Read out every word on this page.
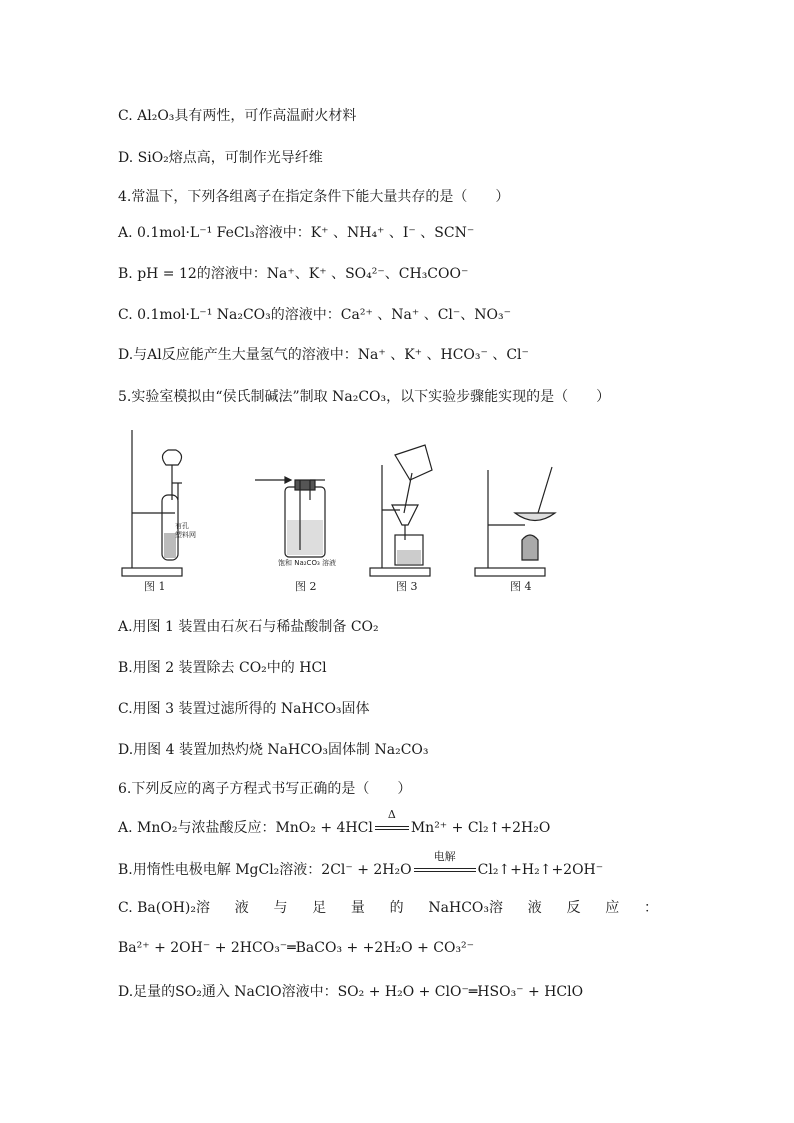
C. Al₂O₃具有两性，可作高温耐火材料
D. SiO₂熔点高，可制作光导纤维
4.常温下，下列各组离子在指定条件下能大量共存的是（　　）
A. 0.1mol·L⁻¹ FeCl₃溶液中：K⁺ 、NH₄⁺ 、I⁻ 、SCN⁻
B. pH = 12的溶液中：Na⁺、K⁺ 、SO₄²⁻、CH₃COO⁻
C. 0.1mol·L⁻¹ Na₂CO₃的溶液中：Ca²⁺ 、Na⁺ 、Cl⁻、NO₃⁻
D.与Al反应能产生大量氢气的溶液中：Na⁺ 、K⁺ 、HCO₃⁻ 、Cl⁻
5.实验室模拟由“侯氏制碱法”制取 Na₂CO₃，以下实验步骤能实现的是（　　）
有孔
塑料网
饱和 Na₂CO₃ 溶液
图 1	图 2	图 3	图 4
A.用图 1 装置由石灰石与稀盐酸制备 CO₂
B.用图 2 装置除去 CO₂中的 HCl
C.用图 3 装置过滤所得的 NaHCO₃固体
D.用图 4 装置加热灼烧 NaHCO₃固体制 Na₂CO₃
6.下列反应的离子方程式书写正确的是（　　）
A. MnO₂与浓盐酸反应：MnO₂ + 4HCl
Δ
Mn²⁺ + Cl₂↑+2H₂O
B.用惰性电极电解 MgCl₂溶液：2Cl⁻ + 2H₂O
电解
Cl₂↑+H₂↑+2OH⁻
C. Ba(OH)₂溶 液 与 足 量 的 NaHCO₃溶 液 反 应 ：
Ba²⁺ + 2OH⁻ + 2HCO₃⁻═BaCO₃ + +2H₂O + CO₃²⁻
D.足量的SO₂通入 NaClO溶液中：SO₂ + H₂O + ClO⁻═HSO₃⁻ + HClO
